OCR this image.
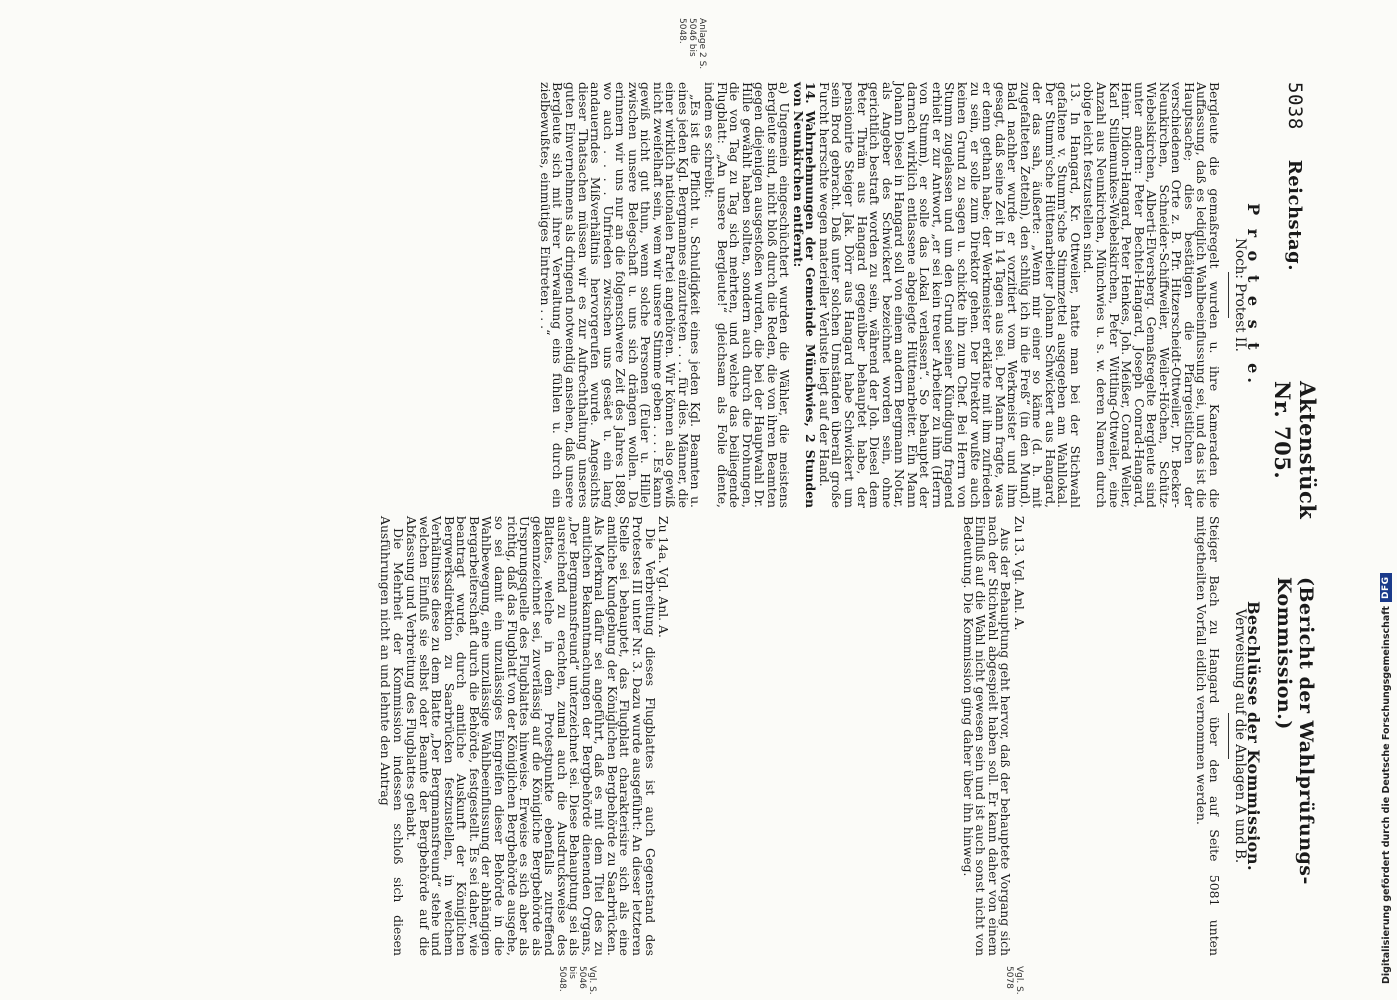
5038
Reichstag.
Aktenstück Nr. 705.
(Bericht der Wahlprüfungs-Kommission.)
P r o t e s t e.
Noch: Protest II.

Bergleute die gemaßregelt wurden u. ihre Kameraden die Auffassung, daß es lediglich Wahlbeeinflussung sei, und das ist die Hauptsache; dies bestätigen die Pfarrgeistlichen der verschiedenen Orte z. B. Pfr. Hitzerscheidt-Ottweiler, Dr. Becker-Neunkirchen, Schneider-Schiffweiler, Weiler-Höchen, Schütz-Wiebelskirchen, Alberti-Elversberg. Gemaßregelte Bergleute sind unter andern: Peter Bechtel-Hangard, Joseph Conrad-Hangard, Heinr. Didion-Hangard, Peter Henkes, Joh. Meißer, Conrad Weller, Karl Stillemunkes-Wiebelskirchen, Peter Wittling-Ottweiler, eine Anzahl aus Neunkirchen, Münchwies u. s. w. deren Namen durch obige leicht festzustellen sind.

13. In Hangard, Kr. Ottweiler, hatte man bei der Stichwahl gefaltene v. Stumm'sche Stimmzettel ausgegeben am Wahllokal. Der Stumm'sche Hüttenarbeiter Johann Schwickert aus Hangard, der das sah, äußerte: „Wenn mir einer so käme (d. h. mit zugefalteten Zetteln), den schlüg ich in die Freß“ (in den Mund). Bald nachher wurde er vorzitiert vom Werkmeister und ihm gesagt, daß seine Zeit in 14 Tagen aus sei. Der Mann fragte, was er denn gethan habe; der Werkmeister erklärte mit ihm zufrieden zu sein, er solle zum Direktor gehen. Der Direktor wußte auch keinen Grund zu sagen u. schickte ihn zum Chef. Bei Herrn von Stumm zugelassen und um den Grund seiner Kündigung fragend erhielt er zur Antwort, „er sei kein treuer Arbeiter zu ihm (Herrn von Stumm), er solle das Lokal verlassen“. So behauptet der darnach wirklich entlassene abgelegte Hüttenarbeiter. Ein Mann Johann Diesel in Hangard soll von einem andern Bergmann Notar, als Angeber des Schwickert bezeichnet worden sein, ohne gerichtlich bestraft worden zu sein, während der Joh. Diesel dem Peter Thräm aus Hangard gegenüber behauptet habe, der pensionirte Steiger Jak. Dörr aus Hangard habe Schwickert um sein Brod gebracht. Daß unter solchen Umständen überall große Furcht herrschte wegen materieller Verluste liegt auf der Hand.

14. Wahrnehmungen der Gemeinde Münchwies, 2 Stunden von Neunkirchen entfernt:

a) Ungemein eingeschüchtert wurden die Wähler, die meistens Bergleute sind, nicht bloß durch die Reden, die von ihren Beamten gegen diejenigen ausgestoßen wurden, die bei der Hauptwahl Dr. Hille gewählt haben sollten, sondern auch durch die Drohungen, die von Tag zu Tag sich mehrten, und welche das beiliegende Flugblatt: „An unsere Bergleute!“ gleichsam als Folie diente, indem es schreibt:

„Es ist die Pflicht u. Schuldigkeit eines jeden Kgl. Beamten u. eines jeden Kgl. Bergmannes einzutreten . . . . für dies. Männer, die einer wirklich nationalen Partei angehören. Wir können also gewiß nicht zweifelhaft sein, wem wir unsere Stimme geben . . . . Es kann gewiß nicht gut thun, wenn solche Personen (Euler u. Hille) zwischen unsere Belegschaft u. uns sich drängen wollen. Da erinnern wir uns nur an die folgenschwere Zeit des Jahres 1889, wo auch . . . . Unfrieden zwischen uns gesäet u. ein lang andauerndes Mißverhältnis hervorgerufen wurde. Angesichts dieser Thatsachen müssen wir es zur Aufrechthaltung unseres guten Einvernehmens als dringend notwendig ansehen, daß unsere Bergleute sich mit ihrer Verwaltung eins fühlen u. durch ein zielbewußtes, einmütiges Eintreten . . .“

Beschlüsse der Kommission.
Verweisung auf die Anlagen A und B.

Steiger Bach zu Hangard über den auf Seite 5081 unten mitgetheilten Vorfall eidlich vernommen werden.

Zu 13. Vgl. Anl. A.

Aus der Behauptung geht hervor, daß der behauptete Vorgang sich nach der Stichwahl abgespielt haben soll. Er kann daher von einem Einfluß auf die Wahl nicht gewesen sein und ist auch sonst nicht von Bedeutung. Die Kommission ging daher über ihn hinweg.

Zu 14a. Vgl. Anl. A.

Die Verbreitung dieses Flugblattes ist auch Gegenstand des Protestes III unter Nr. 3. Dazu wurde ausgeführt: An dieser letzteren Stelle sei behauptet, das Flugblatt charakterisire sich als eine amtliche Kundgebung der Königlichen Bergbehörde zu Saarbrücken. Als Merkmal dafür sei angeführt, daß es mit dem Titel des zu amtlichen Bekanntmachungen der Bergbehörde dienenden Organs, „Der Bergmannsfreund“ unterzeichnet sei. Diese Behauptung sei als ausreichend zu erachten, zumal auch die Ausdrucksweise des Blattes, welche in dem Protestpunkte ebenfalls zutreffend gekennzeichnet sei, zuverlässig auf die Königliche Bergbehörde als Ursprungsquelle des Flugblattes hinweise. Erweise es sich aber als richtig, daß das Flugblatt von der Königlichen Bergbehörde ausgehe, so sei damit ein unzulässiges Eingreifen dieser Behörde in die Wahlbewegung, eine unzulässige Wahlbeeinflussung der abhängigen Bergarbeiterschaft durch die Behörde, festgestellt. Es sei daher, wie beantragt wurde, durch amtliche Auskunft der Königlichen Bergwerksdirektion zu Saarbrücken festzustellen, in welchem Verhältnisse diese zu dem Blatte „Der Bergmannsfreund“ stehe und welchen Einfluß sie selbst oder Beamte der Bergbehörde auf die Abfassung und Verbreitung des Flugblattes gehabt.

Die Mehrheit der Kommission indessen schloß sich diesen Ausführungen nicht an und lehnte den Antrag

Anlage 2 S. 5046 bis 5048.
Vgl. S. 5078
Vgl. S. 5046 bis 5048.	Digitalisierung gefördert durch die Deutsche Forschungsgemeinschaft
DFG
